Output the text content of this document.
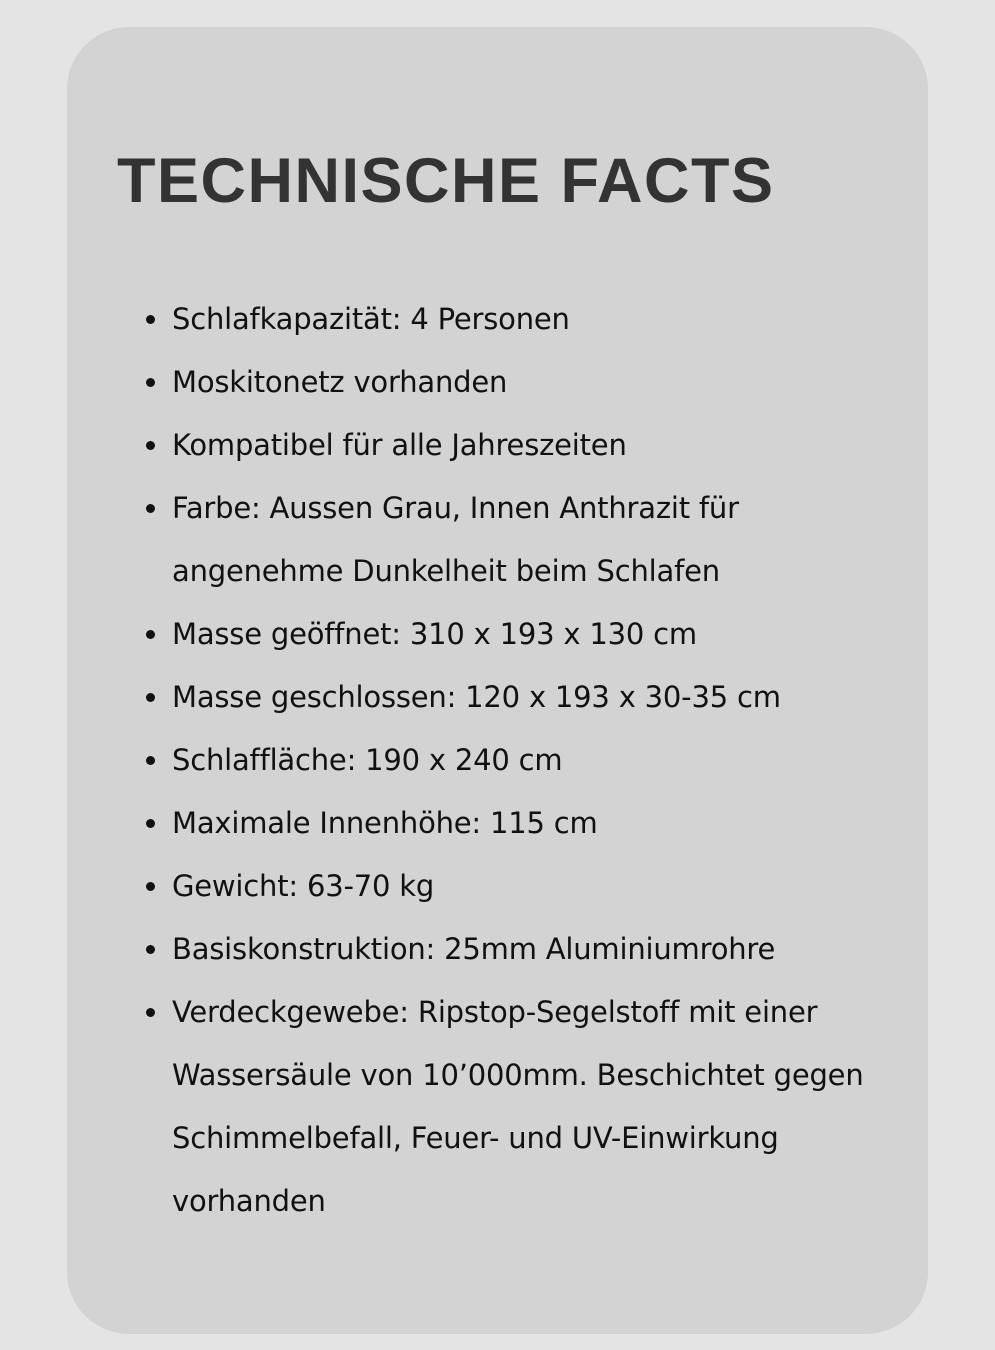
TECHNISCHE FACTS
Schlafkapazität: 4 Personen
Moskitonetz vorhanden
Kompatibel für alle Jahreszeiten
Farbe: Aussen Grau, Innen Anthrazit für angenehme Dunkelheit beim Schlafen
Masse geöffnet: 310 x 193 x 130 cm
Masse geschlossen: 120 x 193 x 30-35 cm
Schlaffläche: 190 x 240 cm
Maximale Innenhöhe: 115 cm
Gewicht: 63-70 kg
Basiskonstruktion: 25mm Aluminiumrohre
Verdeckgewebe: Ripstop-Segelstoff mit einer Wassersäule von 10’000mm. Beschichtet gegen Schimmelbefall, Feuer- und UV-Einwirkung vorhanden
